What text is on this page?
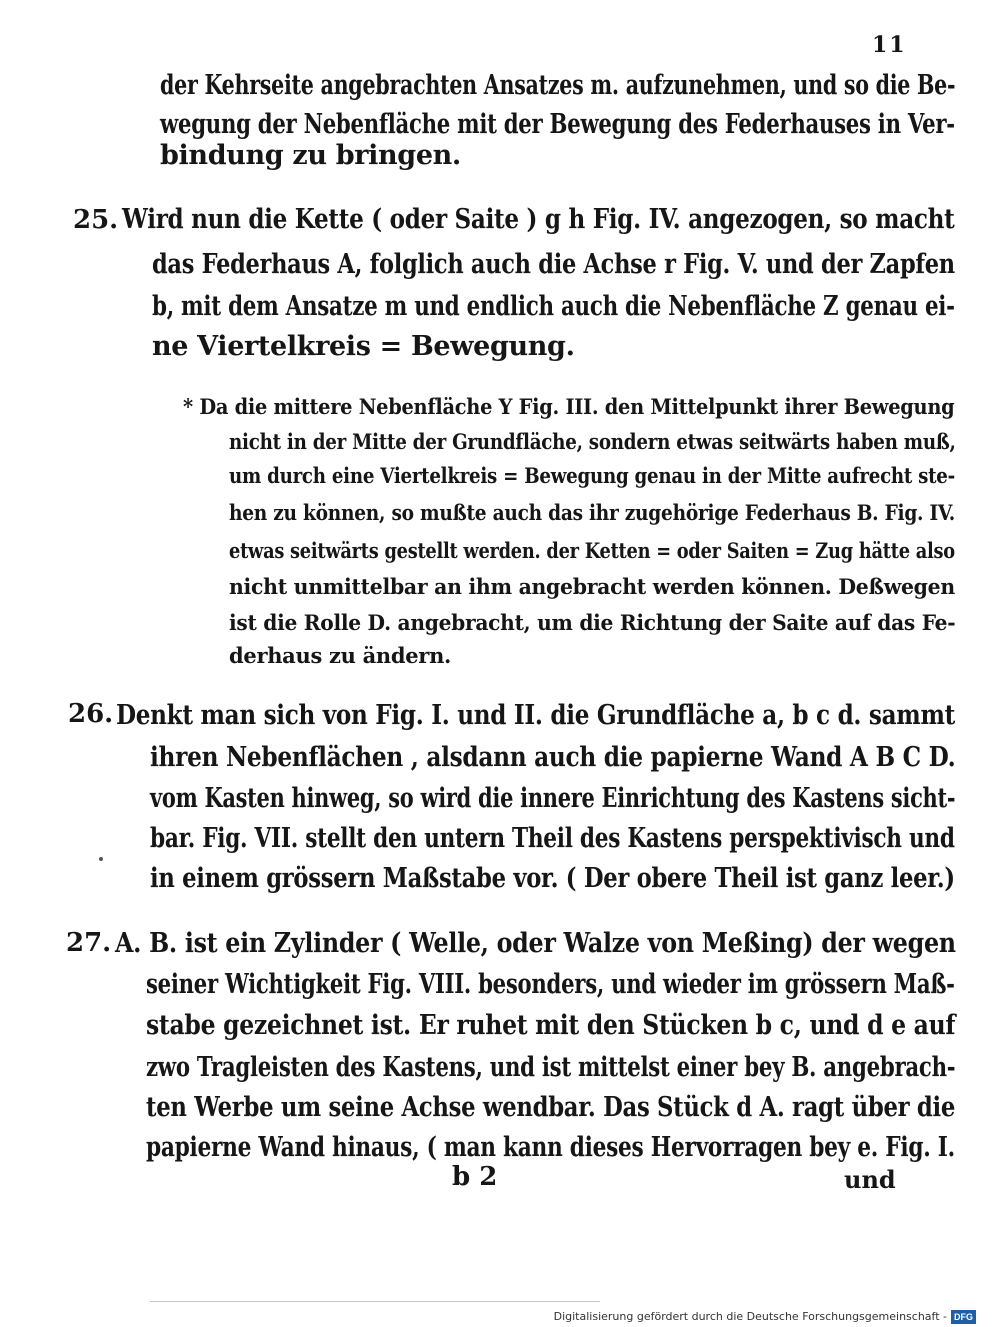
11
der Kehrseite angebrachten Ansatzes m. aufzunehmen, und so die Be-
wegung der Nebenfläche mit der Bewegung des Federhauses in Ver-
bindung zu bringen.
25. Wird nun die Kette ( oder Saite ) g h Fig. IV. angezogen, so macht
das Federhaus A, folglich auch die Achse r Fig. V. und der Zapfen
b, mit dem Ansatze m und endlich auch die Nebenfläche Z genau ei-
ne Viertelkreis = Bewegung.
* Da die mittere Nebenfläche Y Fig. III. den Mittelpunkt ihrer Bewegung
nicht in der Mitte der Grundfläche, sondern etwas seitwärts haben muß,
um durch eine Viertelkreis = Bewegung genau in der Mitte aufrecht ste-
hen zu können, so mußte auch das ihr zugehörige Federhaus B. Fig. IV.
etwas seitwärts gestellt werden. der Ketten = oder Saiten = Zug hätte also
nicht unmittelbar an ihm angebracht werden können. Deßwegen
ist die Rolle D. angebracht, um die Richtung der Saite auf das Fe-
derhaus zu ändern.
26. Denkt man sich von Fig. I. und II. die Grundfläche a, b c d. sammt
ihren Nebenflächen , alsdann auch die papierne Wand A B C D.
vom Kasten hinweg, so wird die innere Einrichtung des Kastens sicht-
bar. Fig. VII. stellt den untern Theil des Kastens perspektivisch und
in einem grössern Maßstabe vor. ( Der obere Theil ist ganz leer.)
27. A. B. ist ein Zylinder ( Welle, oder Walze von Meßing) der wegen
seiner Wichtigkeit Fig. VIII. besonders, und wieder im grössern Maß-
stabe gezeichnet ist. Er ruhet mit den Stücken b c, und d e auf
zwo Tragleisten des Kastens, und ist mittelst einer bey B. angebrach-
ten Werbe um seine Achse wendbar. Das Stück d A. ragt über die
papierne Wand hinaus, ( man kann dieses Hervorragen bey e. Fig. I.
b 2	und
Digitalisierung gefördert durch die Deutsche Forschungsgemeinschaft - DFG
